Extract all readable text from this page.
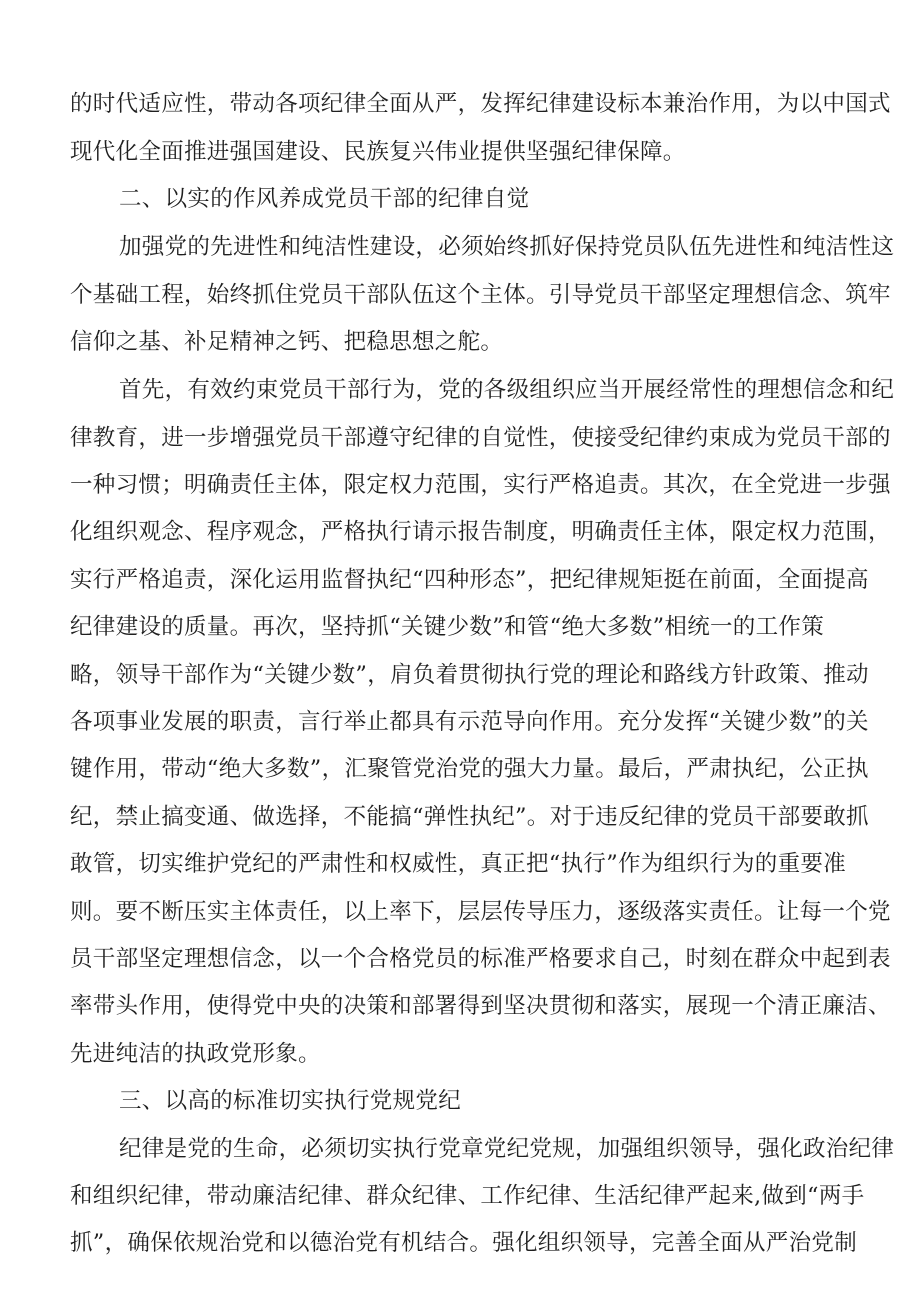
的时代适应性，带动各项纪律全面从严，发挥纪律建设标本兼治作用，为以中国式
现代化全面推进强国建设、民族复兴伟业提供坚强纪律保障。
二、以实的作风养成党员干部的纪律自觉
加强党的先进性和纯洁性建设，必须始终抓好保持党员队伍先进性和纯洁性这
个基础工程，始终抓住党员干部队伍这个主体。引导党员干部坚定理想信念、筑牢
信仰之基、补足精神之钙、把稳思想之舵。
首先，有效约束党员干部行为，党的各级组织应当开展经常性的理想信念和纪
律教育，进一步增强党员干部遵守纪律的自觉性，使接受纪律约束成为党员干部的
一种习惯；明确责任主体，限定权力范围，实行严格追责。其次，在全党进一步强
化组织观念、程序观念，严格执行请示报告制度，明确责任主体，限定权力范围，
实行严格追责，深化运用监督执纪“四种形态”，把纪律规矩挺在前面，全面提高
纪律建设的质量。再次，坚持抓“关键少数”和管“绝大多数”相统一的工作策
略，领导干部作为“关键少数”，肩负着贯彻执行党的理论和路线方针政策、推动
各项事业发展的职责，言行举止都具有示范导向作用。充分发挥“关键少数”的关
键作用，带动“绝大多数”，汇聚管党治党的强大力量。最后，严肃执纪，公正执
纪，禁止搞变通、做选择，不能搞“弹性执纪”。对于违反纪律的党员干部要敢抓
敢管，切实维护党纪的严肃性和权威性，真正把“执行”作为组织行为的重要准
则。要不断压实主体责任，以上率下，层层传导压力，逐级落实责任。让每一个党
员干部坚定理想信念，以一个合格党员的标准严格要求自己，时刻在群众中起到表
率带头作用，使得党中央的决策和部署得到坚决贯彻和落实，展现一个清正廉洁、
先进纯洁的执政党形象。
三、以高的标准切实执行党规党纪
纪律是党的生命，必须切实执行党章党纪党规，加强组织领导，强化政治纪律
和组织纪律，带动廉洁纪律、群众纪律、工作纪律、生活纪律严起来,做到“两手
抓”，确保依规治党和以德治党有机结合。强化组织领导，完善全面从严治党制
